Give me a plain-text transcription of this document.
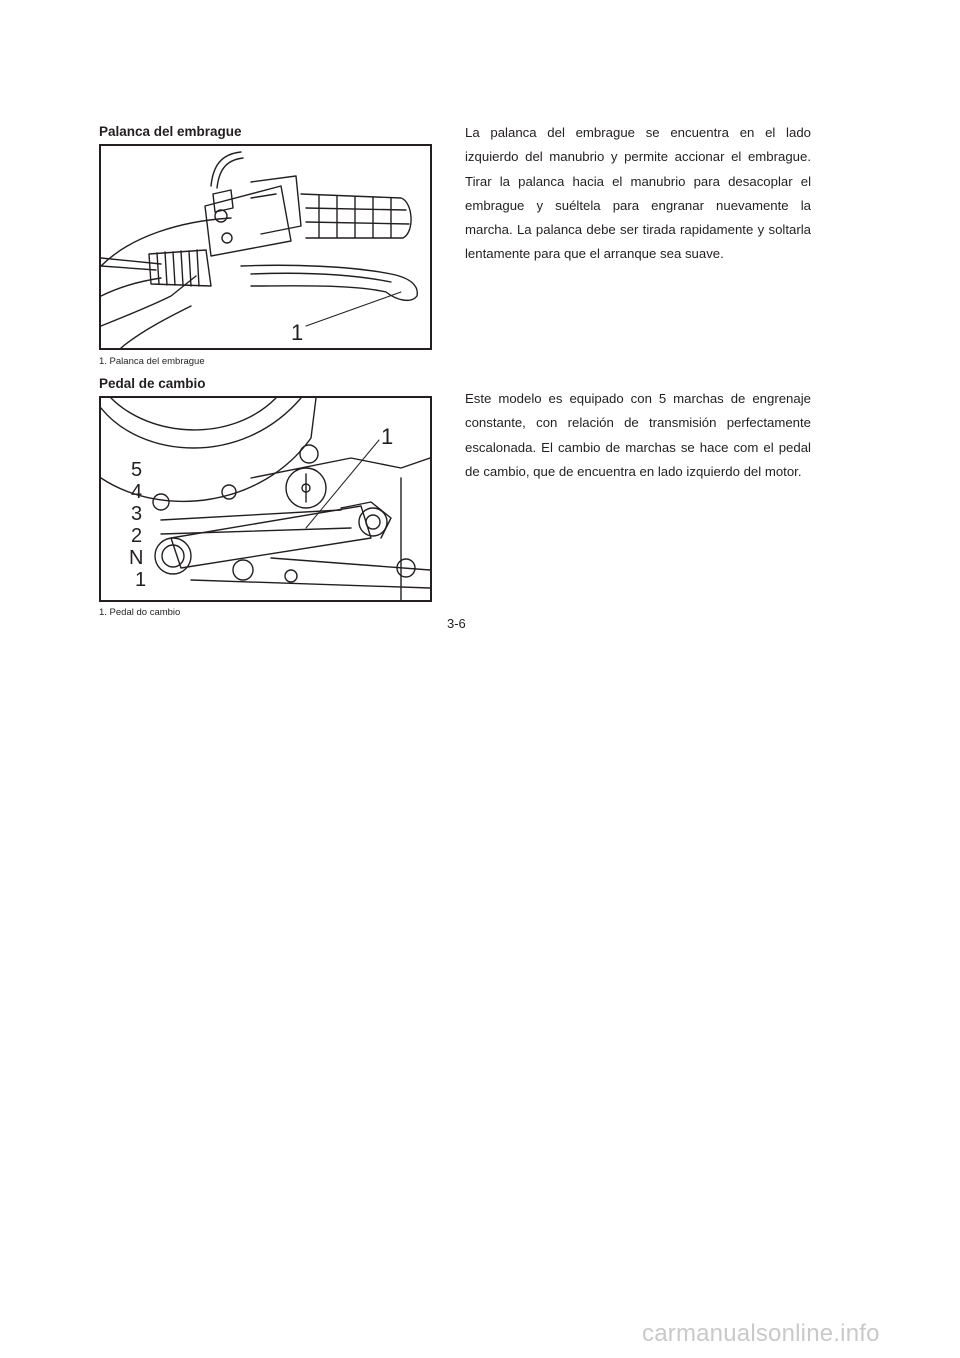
Palanca del embrague
1
1. Palanca del embrague
La palanca del embrague se encuentra en el lado izquierdo del manubrio y permite accionar el embrague. Tirar la palanca hacia el manubrio para desacoplar el embrague y suéltela para engranar nuevamente la marcha. La palanca debe ser tirada rapidamente y soltarla lentamente para que el arranque sea suave.
Pedal de cambio
1
5
4
3
2
N
1
1. Pedal do cambio
Este modelo es equipado con 5 marchas de engrenaje constante, con relación de transmisión perfectamente escalonada. El cambio de marchas se hace com el pedal de cambio, que de encuentra en lado izquierdo del motor.
3-6
carmanualsonline.info
